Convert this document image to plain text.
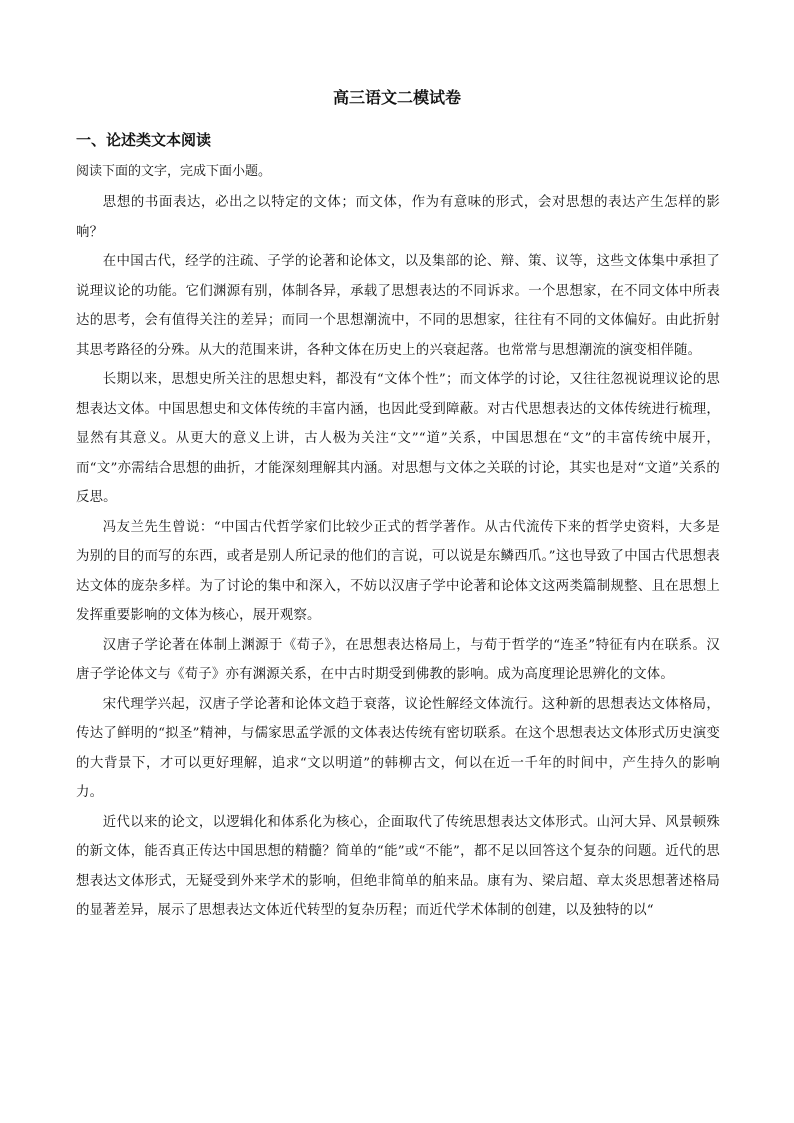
高三语文二模试卷
一、论述类文本阅读
阅读下面的文字，完成下面小题。

思想的书面表达，必出之以特定的文体；而文体，作为有意味的形式，会对思想的表达产生怎样的影响？

在中国古代，经学的注疏、子学的论著和论体文，以及集部的论、辩、策、议等，这些文体集中承担了说理议论的功能。它们渊源有别，体制各异，承载了思想表达的不同诉求。一个思想家，在不同文体中所表达的思考，会有值得关注的差异；而同一个思想潮流中，不同的思想家，往往有不同的文体偏好。由此折射其思考路径的分殊。从大的范围来讲，各种文体在历史上的兴衰起落。也常常与思想潮流的演变相伴随。

长期以来，思想史所关注的思想史料，都没有“文体个性”；而文体学的讨论，又往往忽视说理议论的思想表达文体。中国思想史和文体传统的丰富内涵，也因此受到障蔽。对古代思想表达的文体传统进行梳理，显然有其意义。从更大的意义上讲，古人极为关注“文”“道”关系，中国思想在“文”的丰富传统中展开，而“文”亦需结合思想的曲折，才能深刻理解其内涵。对思想与文体之关联的讨论，其实也是对“文道”关系的反思。

冯友兰先生曾说：“中国古代哲学家们比较少正式的哲学著作。从古代流传下来的哲学史资料，大多是为别的目的而写的东西，或者是别人所记录的他们的言说，可以说是东鳞西爪。”这也导致了中国古代思想表达文体的庞杂多样。为了讨论的集中和深入，不妨以汉唐子学中论著和论体文这两类篇制规整、且在思想上发挥重要影响的文体为核心，展开观察。

汉唐子学论著在体制上渊源于《荀子》，在思想表达格局上，与荀于哲学的“连圣”特征有内在联系。汉唐子学论体文与《荀子》亦有渊源关系，在中古时期受到佛教的影响。成为高度理论思辨化的文体。

宋代理学兴起，汉唐子学论著和论体文趋于衰落，议论性解经文体流行。这种新的思想表达文体格局，传达了鲜明的“拟圣”精神，与儒家思孟学派的文体表达传统有密切联系。在这个思想表达文体形式历史演变的大背景下，才可以更好理解，追求“文以明道”的韩柳古文，何以在近一千年的时间中，产生持久的影响力。

近代以来的论文，以逻辑化和体系化为核心，企面取代了传统思想表达文体形式。山河大异、风景顿殊的新文体，能否真正传达中国思想的精髓？简单的“能”或“不能”，都不足以回答这个复杂的问题。近代的思想表达文体形式，无疑受到外来学术的影响，但绝非简单的舶来品。康有为、梁启超、章太炎思想著述格局的显著差异，展示了思想表达文体近代转型的复杂历程；而近代学术体制的创建，以及独特的以“
